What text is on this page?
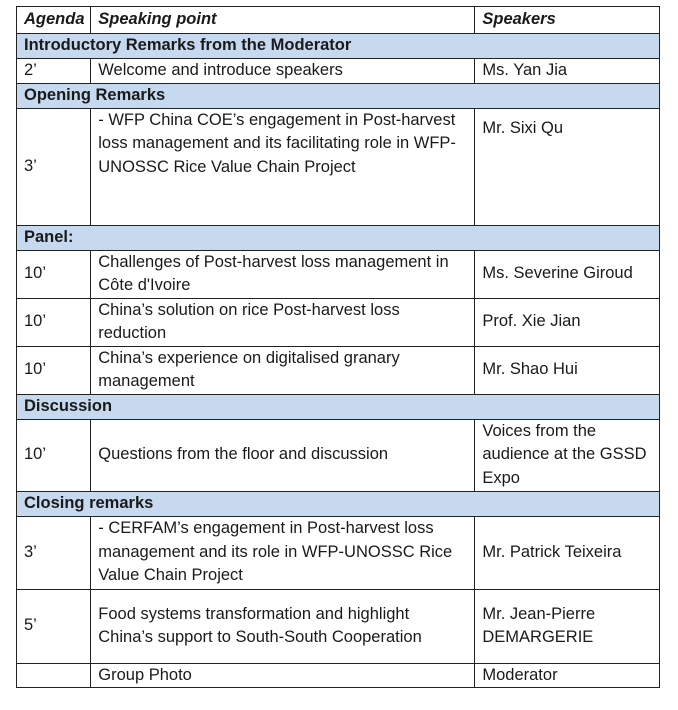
Agenda	Speaking point	Speakers
Introductory Remarks from the Moderator		
2’	Welcome and introduce speakers	Ms. Yan Jia
Opening Remarks		
3’	- WFP China COE’s engagement in Post-harvest loss management and its facilitating role in WFP- UNOSSC Rice Value Chain Project	Mr. Sixi Qu
Panel:		
10’	Challenges of Post-harvest loss management in Côte d'Ivoire	Ms. Severine Giroud
10’	China’s solution on rice Post-harvest loss reduction	Prof. Xie Jian
10’	China’s experience on digitalised granary management	Mr. Shao Hui
Discussion		
10’	Questions from the floor and discussion	Voices from the audience at the GSSD Expo
Closing remarks		
3’	- CERFAM’s engagement in Post-harvest loss management and its role in WFP-UNOSSC Rice Value Chain Project	Mr. Patrick Teixeira
5’	Food systems transformation and highlight China’s support to South-South Cooperation	Mr. Jean-Pierre DEMARGERIE
	Group Photo	Moderator
